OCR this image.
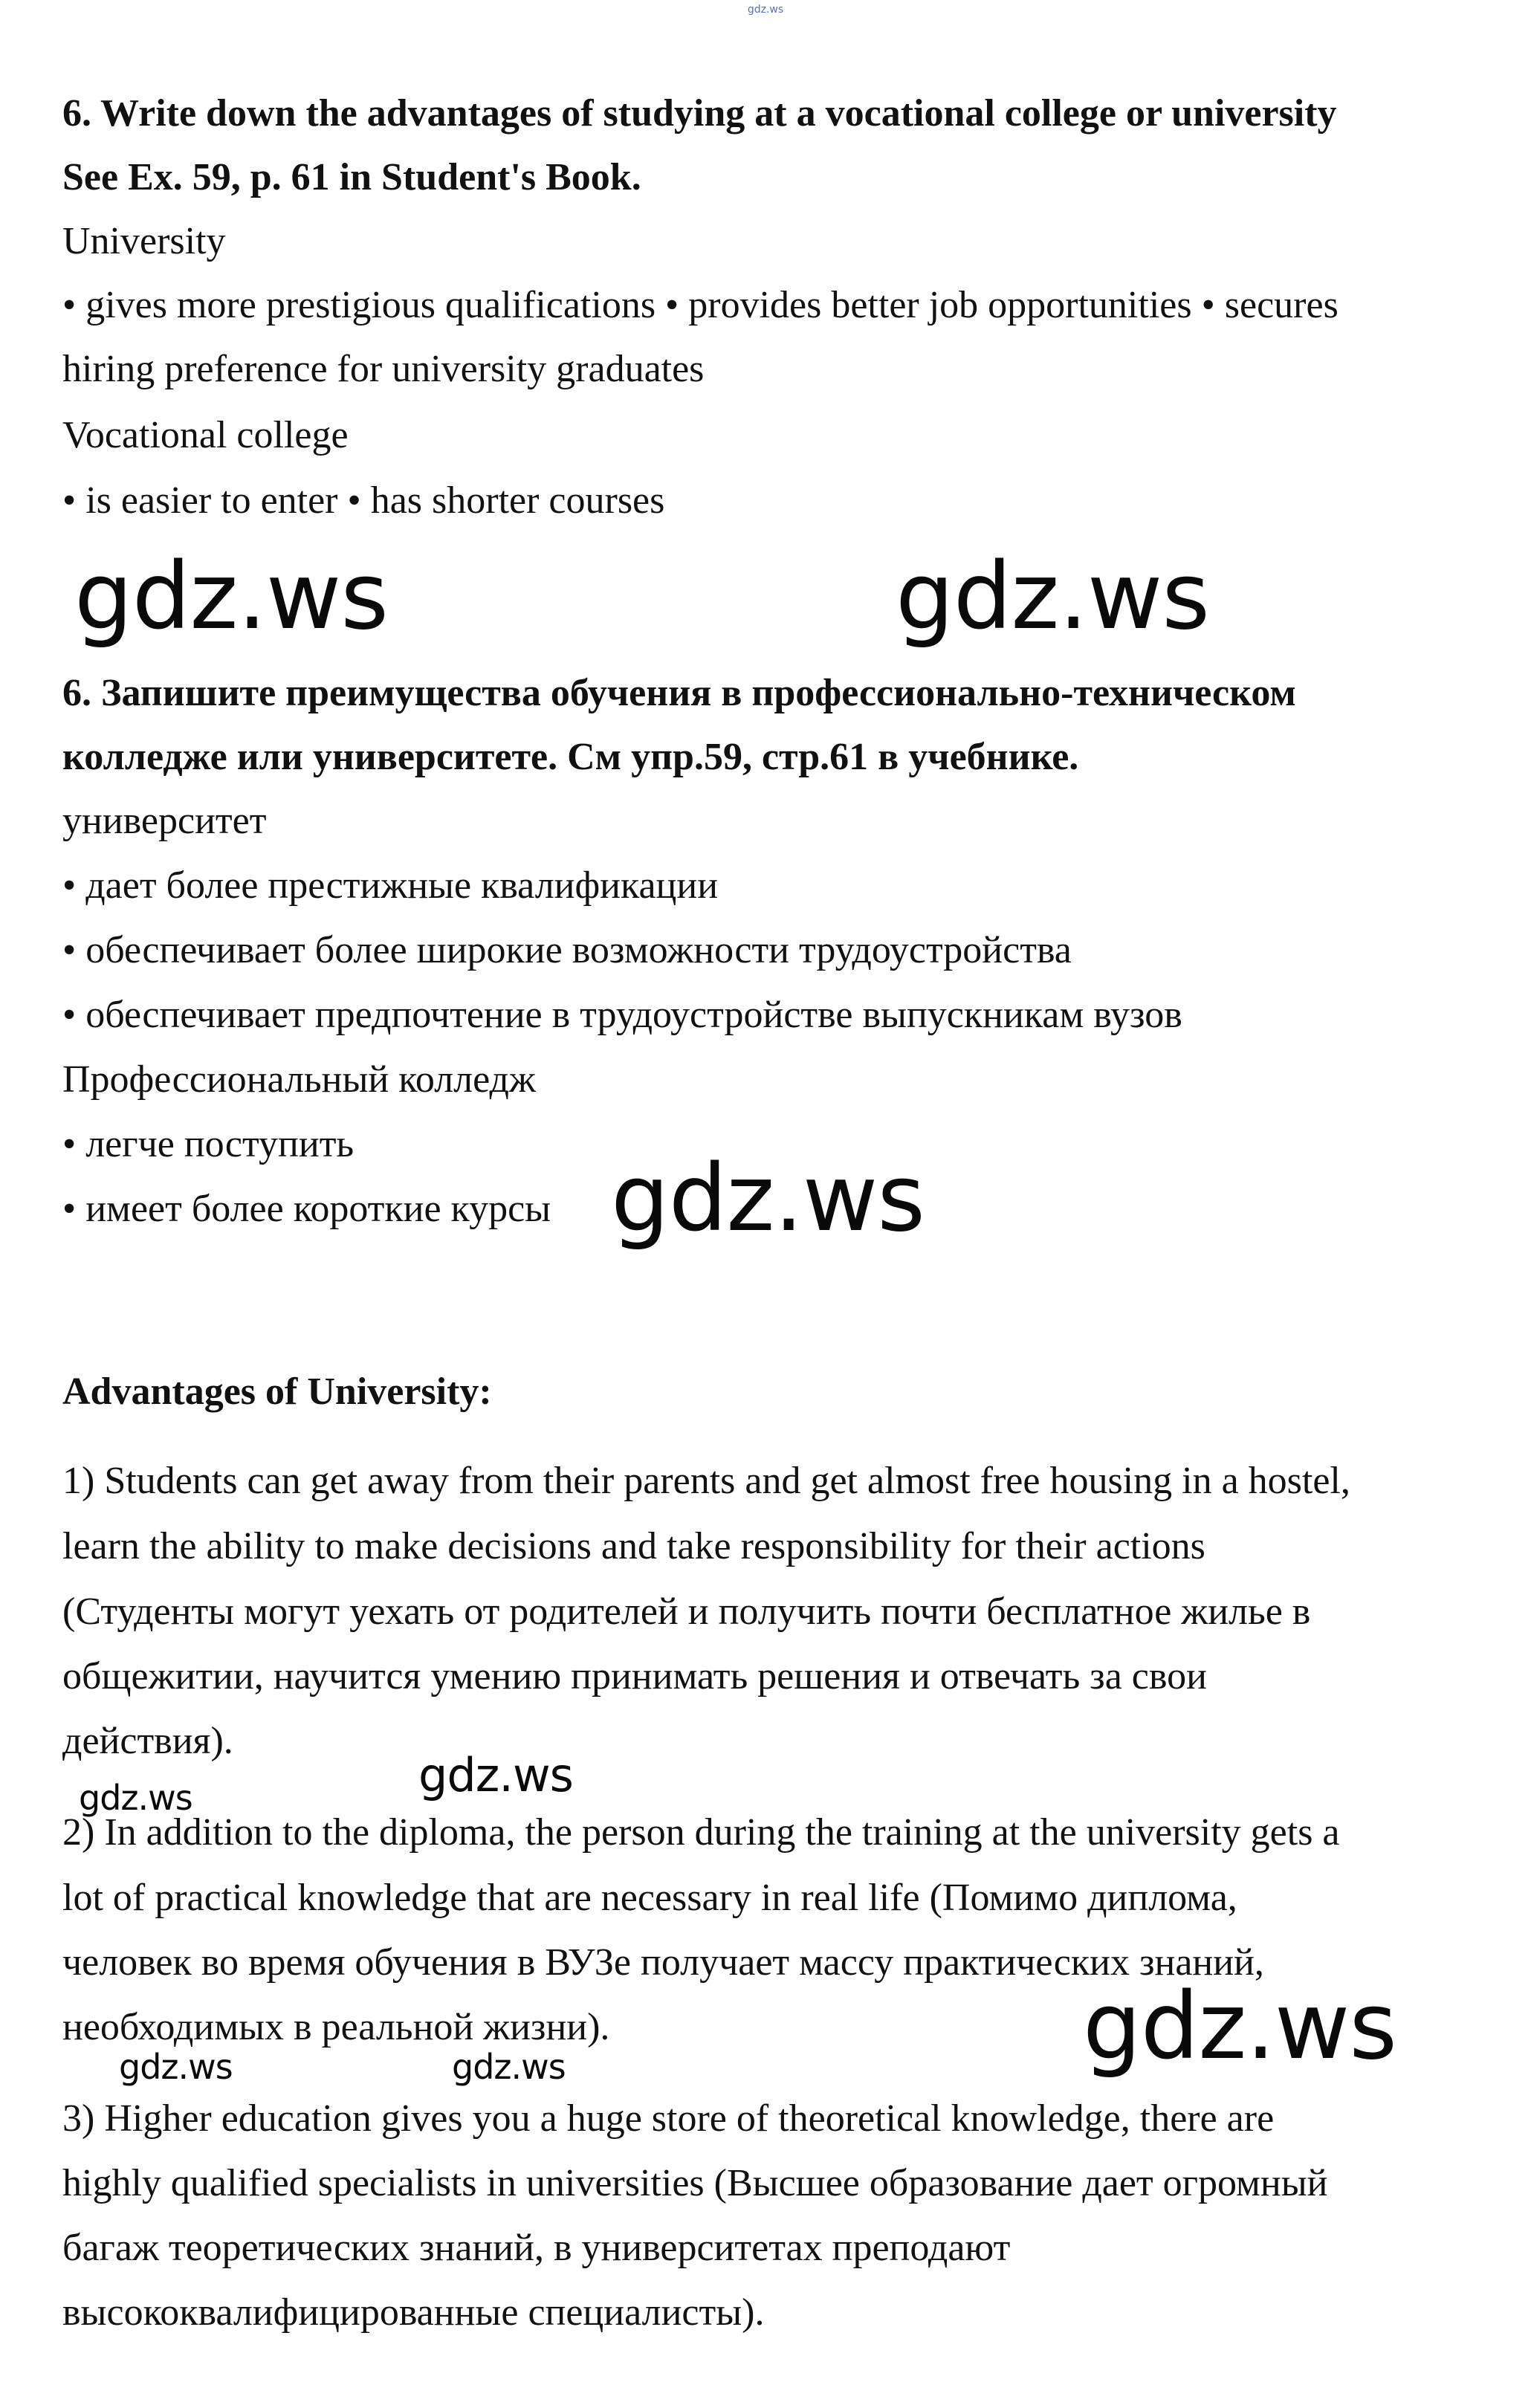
gdz.ws

6. Write down the advantages of studying at a vocational college or university

See Ex. 59, p. 61 in Student's Book.

University

• gives more prestigious qualifications • provides better job opportunities • secures

hiring preference for university graduates

Vocational college

• is easier to enter • has shorter courses

gdz.ws	gdz.ws

6. Запишите преимущества обучения в профессионально-техническом

колледже или университете. См упр.59, стр.61 в учебнике.

университет

• дает более престижные квалификации

• обеспечивает более широкие возможности трудоустройства

• обеспечивает предпочтение в трудоустройстве выпускникам вузов

Профессиональный колледж

• легче поступить

• имеет более короткие курсы gdz.ws

Advantages of University:

1) Students can get away from their parents and get almost free housing in a hostel,

learn the ability to make decisions and take responsibility for their actions

(Студенты могут уехать от родителей и получить почти бесплатное жилье в

общежитии, научится умению принимать решения и отвечать за свои

действия).

gdz.ws	gdz.ws

2) In addition to the diploma, the person during the training at the university gets a

lot of practical knowledge that are necessary in real life (Помимо диплома,

человек во время обучения в ВУЗе получает массу практических знаний,

необходимых в реальной жизни).	gdz.ws
gdz.ws	gdz.ws

3) Higher education gives you a huge store of theoretical knowledge, there are

highly qualified specialists in universities (Высшее образование дает огромный

багаж теоретических знаний, в университетах преподают

высококвалифицированные специалисты).
